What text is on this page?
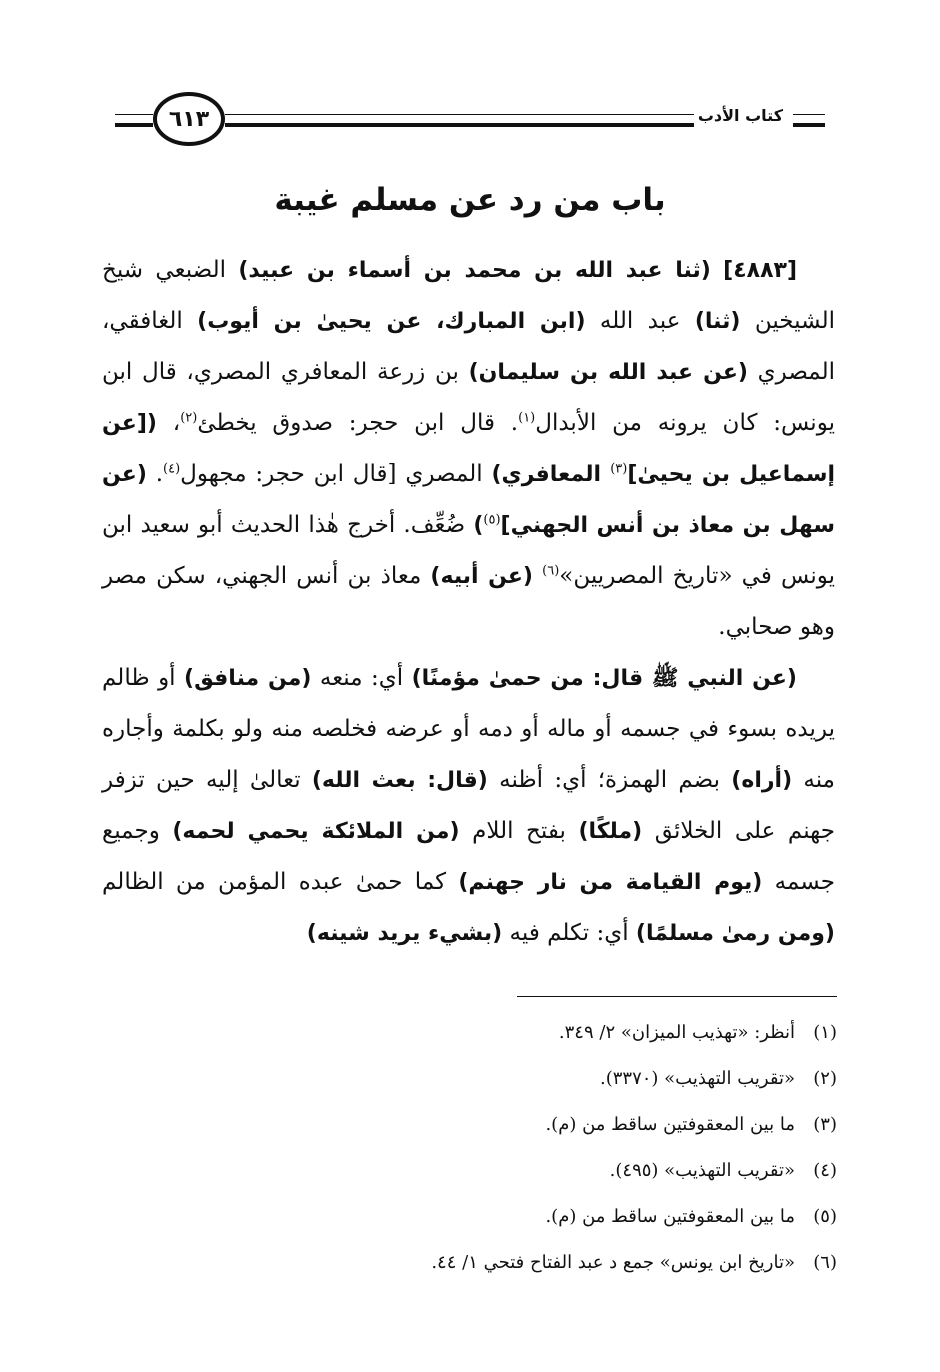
٦١٣	كتاب الأدب
باب من رد عن مسلم غيبة

[٤٨٨٣] (ثنا عبد الله بن محمد بن أسماء بن عبيد) الضبعي شيخ الشيخين (ثنا) عبد الله (ابن المبارك، عن يحيىٰ بن أيوب) الغافقي، المصري (عن عبد الله بن سليمان) بن زرعة المعافري المصري، قال ابن يونس: كان يرونه من الأبدال$^{(١)}$. قال ابن حجر: صدوق يخطئ$^{(٢)}$، ([عن إسماعيل بن يحيىٰ]$^{(٣)}$ المعافري) المصري [قال ابن حجر: مجهول$^{(٤)}$. (عن سهل بن معاذ بن أنس الجهني]$^{(٥)}$) ضُعِّف. أخرج هٰذا الحديث أبو سعيد ابن يونس في «تاريخ المصريين»$^{(٦)}$ (عن أبيه) معاذ بن أنس الجهني، سكن مصر وهو صحابي.

(عن النبي ﷺ قال: من حمىٰ مؤمنًا) أي: منعه (من منافق) أو ظالم يريده بسوء في جسمه أو ماله أو دمه أو عرضه فخلصه منه ولو بكلمة وأجاره منه (أراه) بضم الهمزة؛ أي: أظنه (قال: بعث الله) تعالىٰ إليه حين تزفر جهنم على الخلائق (ملكًا) بفتح اللام (من الملائكة يحمي لحمه) وجميع جسمه (يوم القيامة من نار جهنم) كما حمىٰ عبده المؤمن من الظالم (ومن رمىٰ مسلمًا) أي: تكلم فيه (بشيء يريد شينه)

(١)أنظر: «تهذيب الميزان» ٢/ ٣٤٩.
(٢)«تقريب التهذيب» (٣٣٧٠).
(٣)ما بين المعقوفتين ساقط من (م).
(٤)«تقريب التهذيب» (٤٩٥).
(٥)ما بين المعقوفتين ساقط من (م).
(٦)«تاريخ ابن يونس» جمع د عبد الفتاح فتحي ١/ ٤٤.
